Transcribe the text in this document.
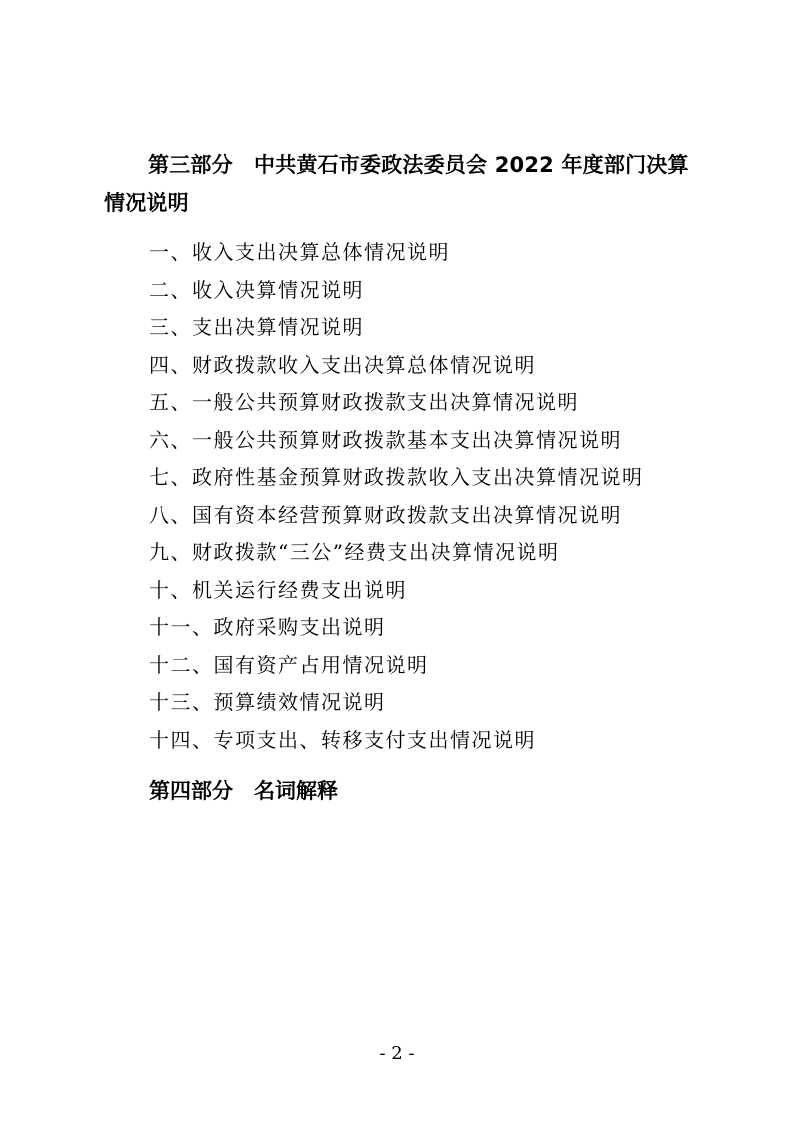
第三部分　中共黄石市委政法委员会 2022 年度部门决算情况说明
一、收入支出决算总体情况说明
二、收入决算情况说明
三、支出决算情况说明
四、财政拨款收入支出决算总体情况说明
五、一般公共预算财政拨款支出决算情况说明
六、一般公共预算财政拨款基本支出决算情况说明
七、政府性基金预算财政拨款收入支出决算情况说明
八、国有资本经营预算财政拨款支出决算情况说明
九、财政拨款“三公”经费支出决算情况说明
十、机关运行经费支出说明
十一、政府采购支出说明
十二、国有资产占用情况说明
十三、预算绩效情况说明
十四、专项支出、转移支付支出情况说明
第四部分　名词解释
- 2 -
